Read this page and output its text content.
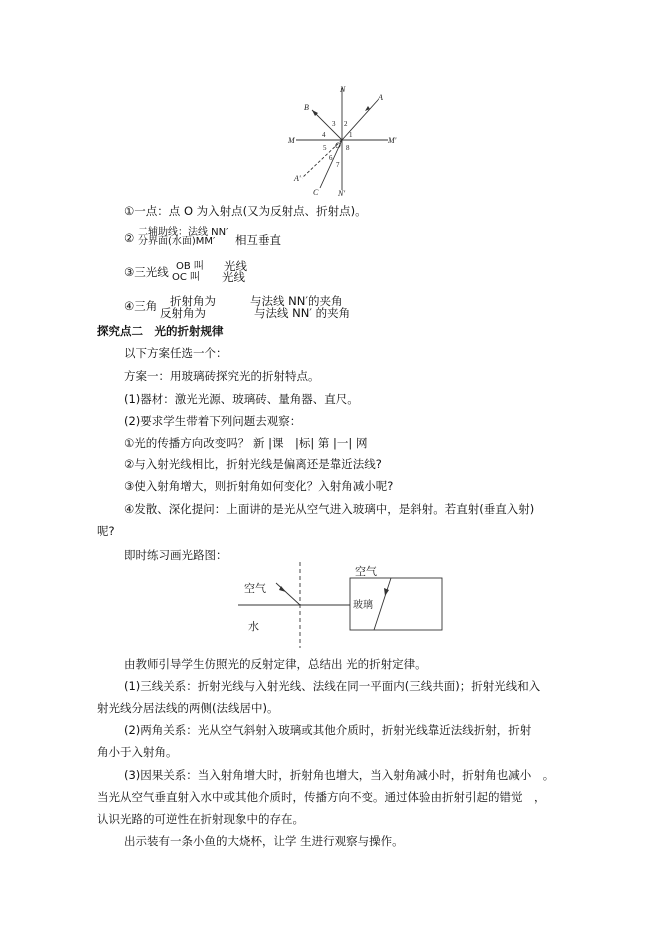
N
A
B
M	M'
O
A'
C N'
1
2
3
4
5
6
7
8
①一点：点 O 为入射点(又为反射点、折射点)。
② 二辅助线：法线 NN′
分界面(水面)MM′ 相互垂直
③三光线 OB 叫
OC 叫
光线
光线
④三角 折射角为
反射角为
与法线 NN′的夹角
与法线 NN′ 的夹角
探究点二　光的折射规律
以下方案任选一个：
方案一：用玻璃砖探究光的折射特点。
(1)器材：激光光源、玻璃砖、量角器、直尺。
(2)要求学生带着下列问题去观察：
①光的传播方向改变吗？ 新 |课　|标| 第 |一| 网
②与入射光线相比，折射光线是偏离还是靠近法线?
③使入射角增大，则折射角如何变化？入射角减小呢?
④发散、深化提问：上面讲的是光从空气进入玻璃中，是斜射。若直射(垂直入射)
呢?
即时练习画光路图：
空气
水
空气
玻璃
由教师引导学生仿照光的反射定律，总结出 光的折射定律。
(1)三线关系：折射光线与入射光线、法线在同一平面内(三线共面)；折射光线和入
射光线分居法线的两侧(法线居中)。
(2)两角关系：光从空气斜射入玻璃或其他介质时，折射光线靠近法线折射，折射
角小于入射角。
(3)因果关系：当入射角增大时，折射角也增大，当入射角减小时，折射角也减小　。
当光从空气垂直射入水中或其他介质时，传播方向不变。通过体验由折射引起的错觉　，
认识光路的可逆性在折射现象中的存在。
出示装有一条小鱼的大烧杯，让学 生进行观察与操作。
